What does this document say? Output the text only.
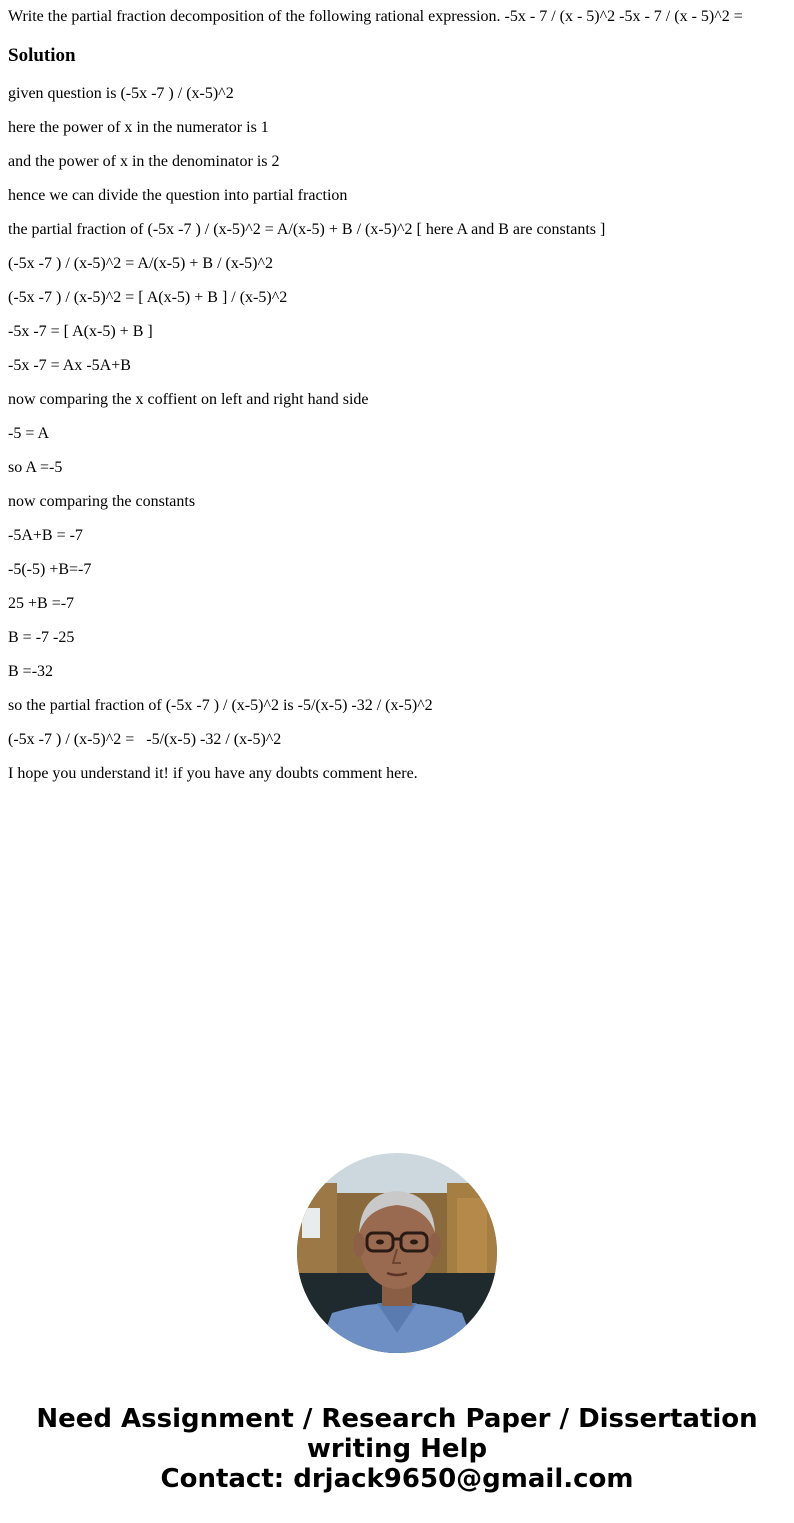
Write the partial fraction decomposition of the following rational expression. -5x - 7 / (x - 5)^2 -5x - 7 / (x - 5)^2 =
Solution
given question is (-5x -7 ) / (x-5)^2
here the power of x in the numerator is 1
and the power of x in the denominator is 2
hence we can divide the question into partial fraction
the partial fraction of (-5x -7 ) / (x-5)^2 = A/(x-5) + B / (x-5)^2 [ here A and B are constants ]
(-5x -7 ) / (x-5)^2 = A/(x-5) + B / (x-5)^2
(-5x -7 ) / (x-5)^2 = [ A(x-5) + B ] / (x-5)^2
-5x -7 = [ A(x-5) + B ]
-5x -7 = Ax -5A+B
now comparing the x coffient on left and right hand side
-5 = A
so A =-5
now comparing the constants
-5A+B = -7
-5(-5) +B=-7
25 +B =-7
B = -7 -25
B =-32
so the partial fraction of (-5x -7 ) / (x-5)^2 is -5/(x-5) -32 / (x-5)^2
(-5x -7 ) / (x-5)^2 =   -5/(x-5) -32 / (x-5)^2
I hope you understand it! if you have any doubts comment here.
Need Assignment / Research Paper / Dissertation
writing Help
Contact: drjack9650@gmail.com
